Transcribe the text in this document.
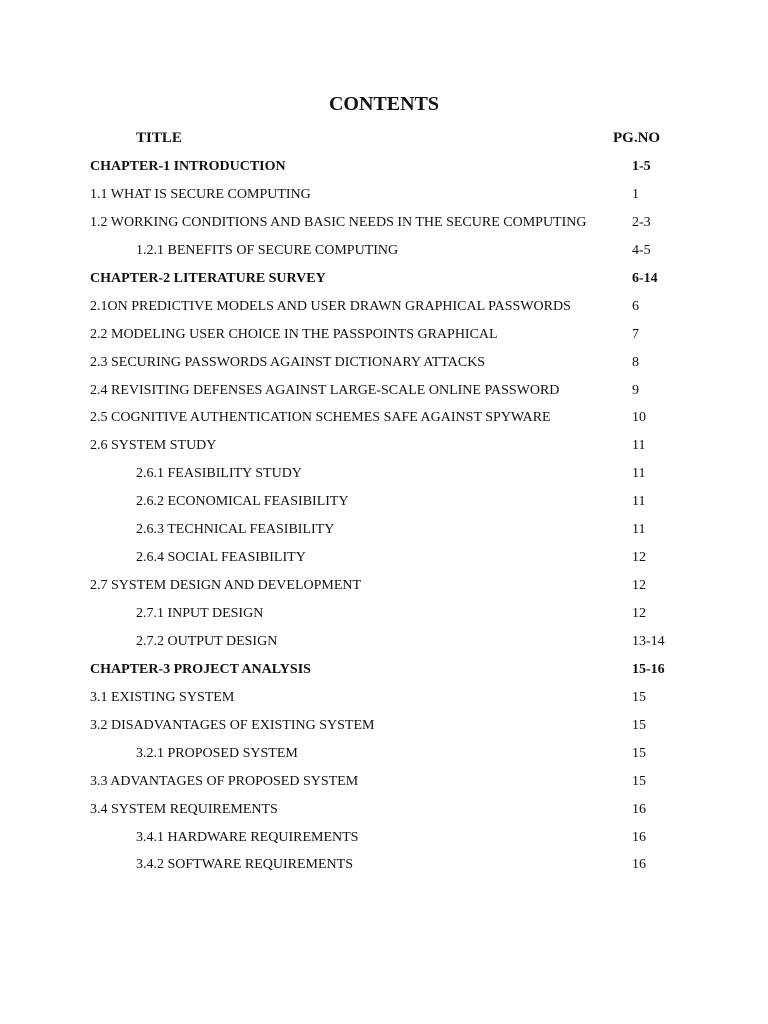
CONTENTS
TITLE	PG.NO
CHAPTER-1 INTRODUCTION	1-5
1.1 WHAT IS SECURE COMPUTING	1
1.2 WORKING CONDITIONS AND BASIC NEEDS IN THE SECURE COMPUTING	2-3
1.2.1 BENEFITS OF SECURE COMPUTING	4-5
CHAPTER-2 LITERATURE SURVEY	6-14
2.1ON PREDICTIVE MODELS AND USER DRAWN GRAPHICAL PASSWORDS	6
2.2 MODELING USER CHOICE IN THE PASSPOINTS GRAPHICAL	7
2.3 SECURING PASSWORDS AGAINST DICTIONARY ATTACKS	8
2.4 REVISITING DEFENSES AGAINST LARGE-SCALE ONLINE PASSWORD	9
2.5 COGNITIVE AUTHENTICATION SCHEMES SAFE AGAINST SPYWARE	10
2.6 SYSTEM STUDY	11
2.6.1 FEASIBILITY STUDY	11
2.6.2 ECONOMICAL FEASIBILITY	11
2.6.3 TECHNICAL FEASIBILITY	11
2.6.4 SOCIAL FEASIBILITY	12
2.7 SYSTEM DESIGN AND DEVELOPMENT	12
2.7.1 INPUT DESIGN	12
2.7.2 OUTPUT DESIGN	13-14
CHAPTER-3 PROJECT ANALYSIS	15-16
3.1 EXISTING SYSTEM	15
3.2 DISADVANTAGES OF EXISTING SYSTEM	15
3.2.1 PROPOSED SYSTEM	15
3.3 ADVANTAGES OF PROPOSED SYSTEM	15
3.4 SYSTEM REQUIREMENTS	16
3.4.1 HARDWARE REQUIREMENTS	16
3.4.2 SOFTWARE REQUIREMENTS	16
